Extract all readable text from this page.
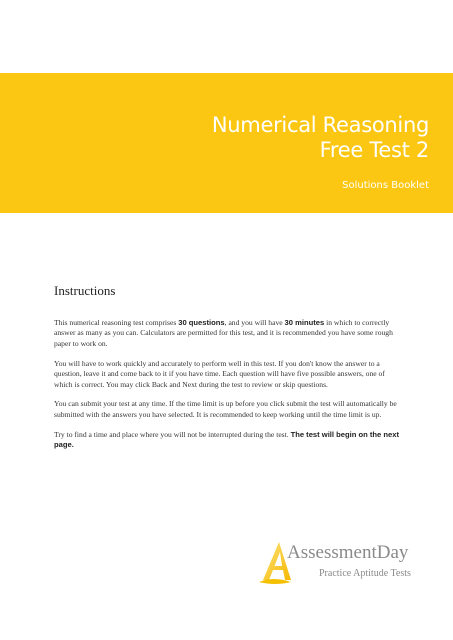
Numerical Reasoning
Free Test 2
Solutions Booklet
Instructions

This numerical reasoning test comprises 30 questions, and you will have 30 minutes in which to correctly answer as many as you can. Calculators are permitted for this test, and it is recommended you have some rough paper to work on.

You will have to work quickly and accurately to perform well in this test. If you don't know the answer to a question, leave it and come back to it if you have time. Each question will have five possible answers, one of which is correct. You may click Back and Next during the test to review or skip questions.

You can submit your test at any time. If the time limit is up before you click submit the test will automatically be submitted with the answers you have selected. It is recommended to keep working until the time limit is up.

Try to find a time and place where you will not be interrupted during the test. The test will begin on the next page.

AssessmentDay
Practice Aptitude Tests
